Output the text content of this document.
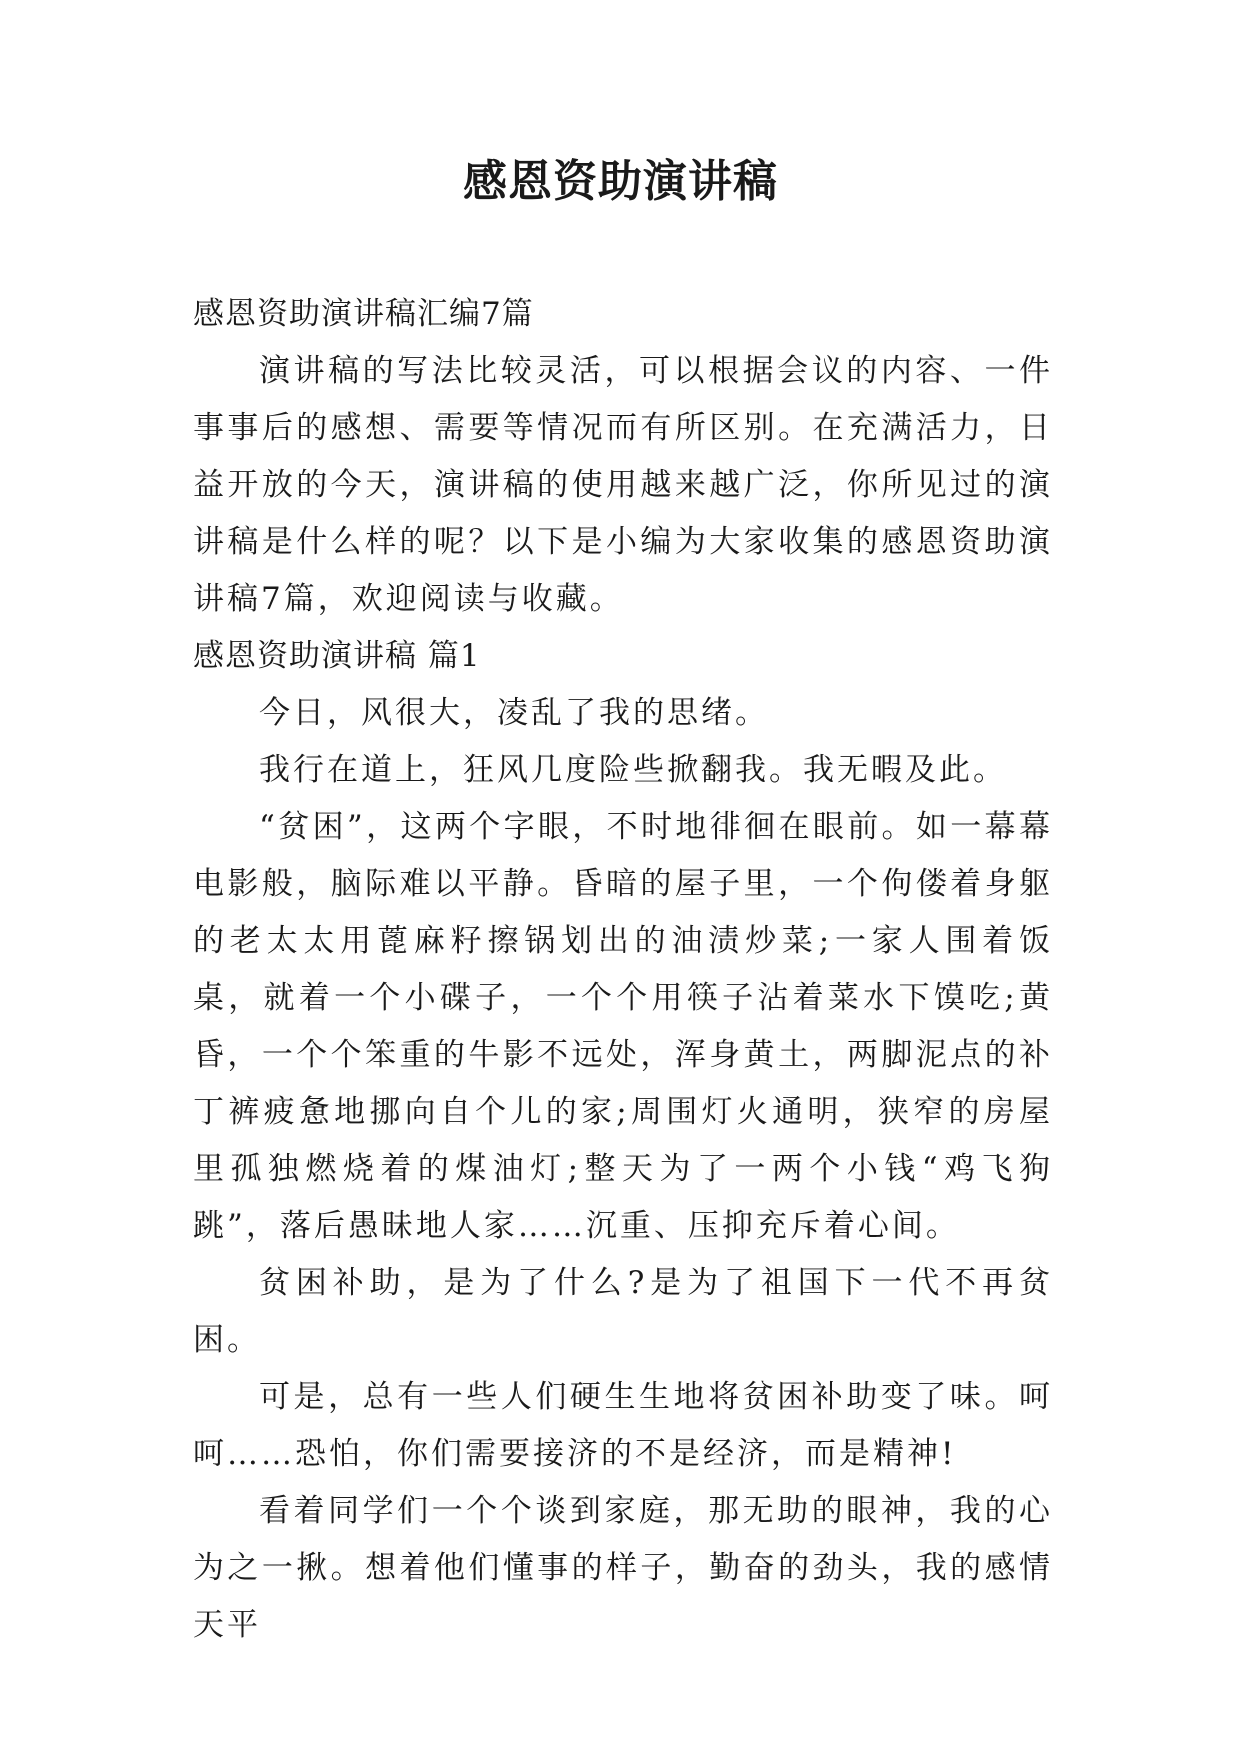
感恩资助演讲稿

感恩资助演讲稿汇编7篇

演讲稿的写法比较灵活，可以根据会议的内容、一件事事后的感想、需要等情况而有所区别。在充满活力，日益开放的今天，演讲稿的使用越来越广泛，你所见过的演讲稿是什么样的呢？以下是小编为大家收集的感恩资助演讲稿7篇，欢迎阅读与收藏。

感恩资助演讲稿 篇1

今日，风很大，凌乱了我的思绪。

我行在道上，狂风几度险些掀翻我。我无暇及此。

“贫困”，这两个字眼，不时地徘徊在眼前。如一幕幕电影般，脑际难以平静。昏暗的屋子里，一个佝偻着身躯的老太太用蓖麻籽擦锅划出的油渍炒菜;一家人围着饭桌，就着一个小碟子，一个个用筷子沾着菜水下馍吃;黄昏，一个个笨重的牛影不远处，浑身黄土，两脚泥点的补丁裤疲惫地挪向自个儿的家;周围灯火通明，狭窄的房屋里孤独燃烧着的煤油灯;整天为了一两个小钱“鸡飞狗跳”，落后愚昧地人家……沉重、压抑充斥着心间。

贫困补助，是为了什么?是为了祖国下一代不再贫困。

可是，总有一些人们硬生生地将贫困补助变了味。呵呵……恐怕，你们需要接济的不是经济，而是精神!

看着同学们一个个谈到家庭，那无助的眼神，我的心为之一揪。想着他们懂事的样子，勤奋的劲头，我的感情天平
